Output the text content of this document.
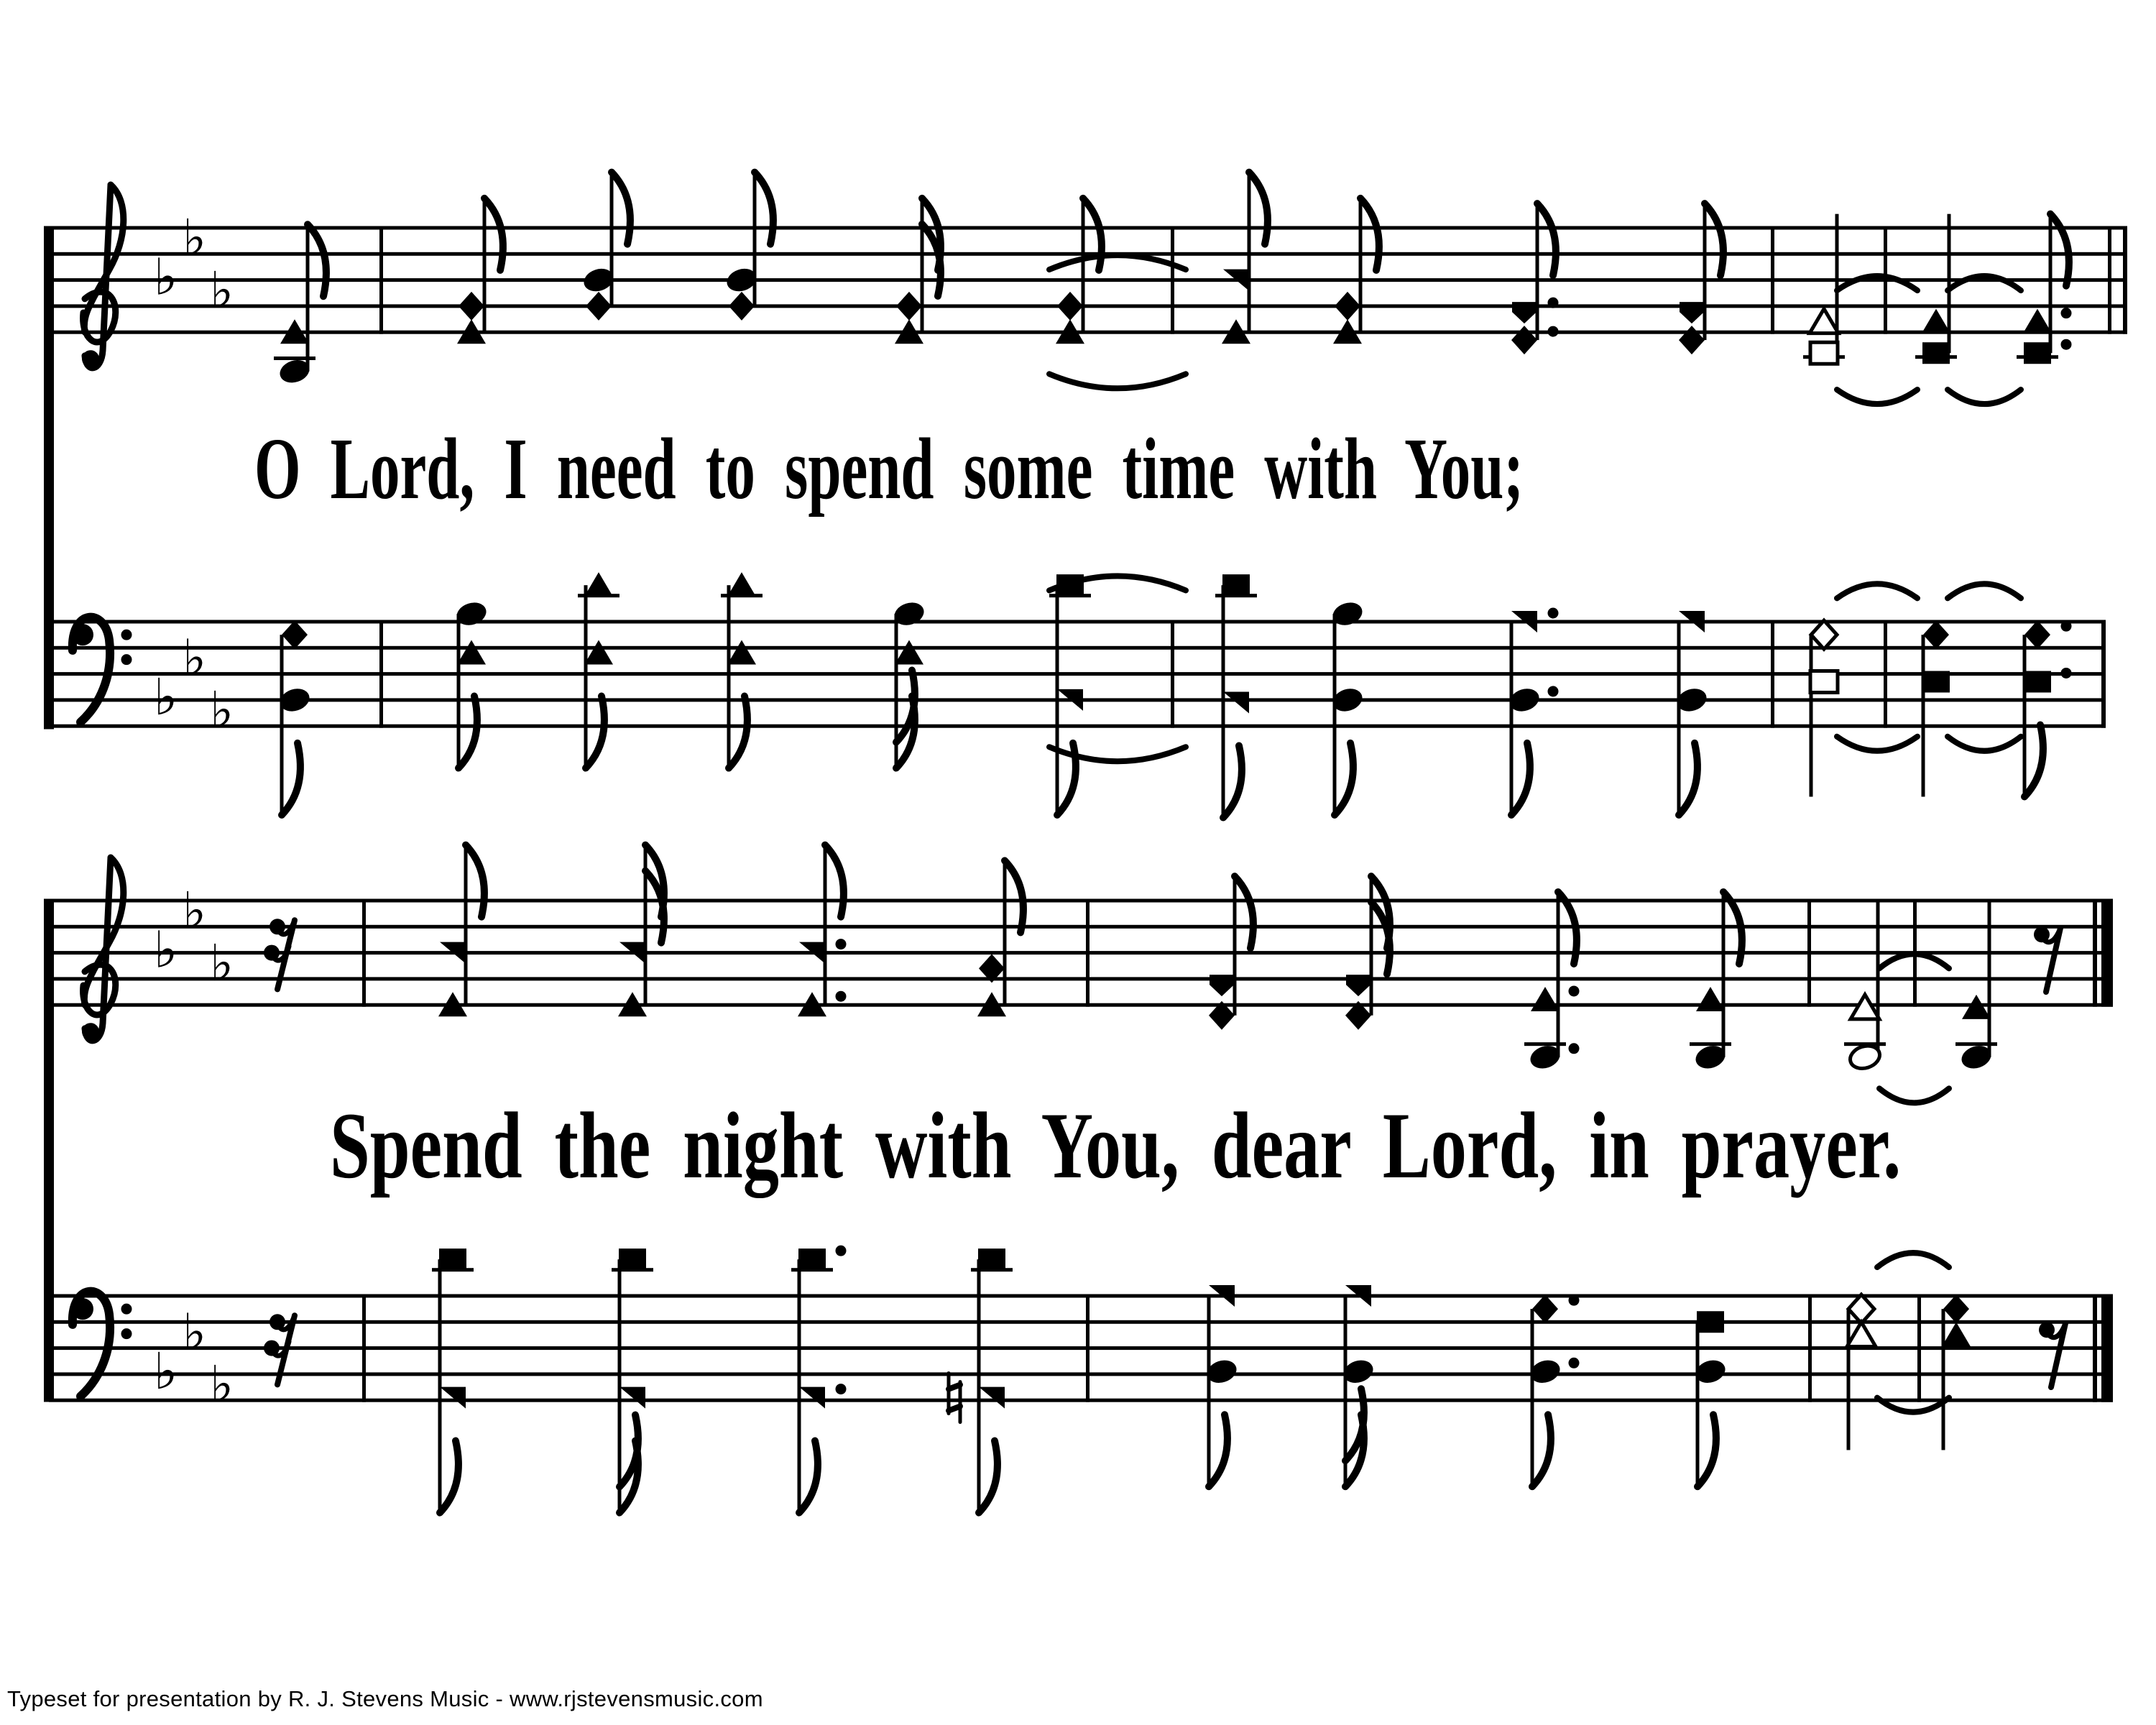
♭
♭
♭
♭
♭
♭
♭
♭
♭
♭
♭
♭
O Lord, I need to spend some time with You;
Spend the night with You, dear Lord, in prayer.
Typeset for presentation by R. J. Stevens Music - www.rjstevensmusic.com
